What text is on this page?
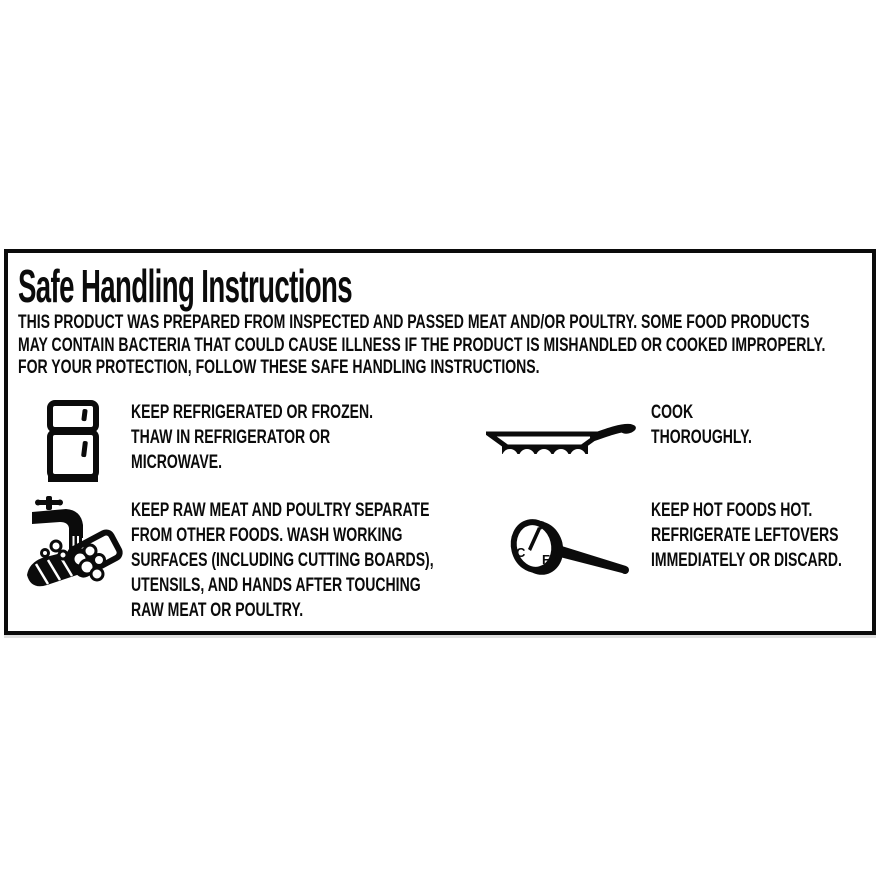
Safe Handling Instructions
THIS PRODUCT WAS PREPARED FROM INSPECTED AND PASSED MEAT AND/OR POULTRY. SOME FOOD PRODUCTS
MAY CONTAIN BACTERIA THAT COULD CAUSE ILLNESS IF THE PRODUCT IS MISHANDLED OR COOKED IMPROPERLY.
FOR YOUR PROTECTION, FOLLOW THESE SAFE HANDLING INSTRUCTIONS.
KEEP REFRIGERATED OR FROZEN.
THAW IN REFRIGERATOR OR
MICROWAVE.
COOK
THOROUGHLY.
KEEP RAW MEAT AND POULTRY SEPARATE
FROM OTHER FOODS. WASH WORKING
SURFACES (INCLUDING CUTTING BOARDS),
UTENSILS, AND HANDS AFTER TOUCHING
RAW MEAT OR POULTRY.
C F
KEEP HOT FOODS HOT.
REFRIGERATE LEFTOVERS
IMMEDIATELY OR DISCARD.
